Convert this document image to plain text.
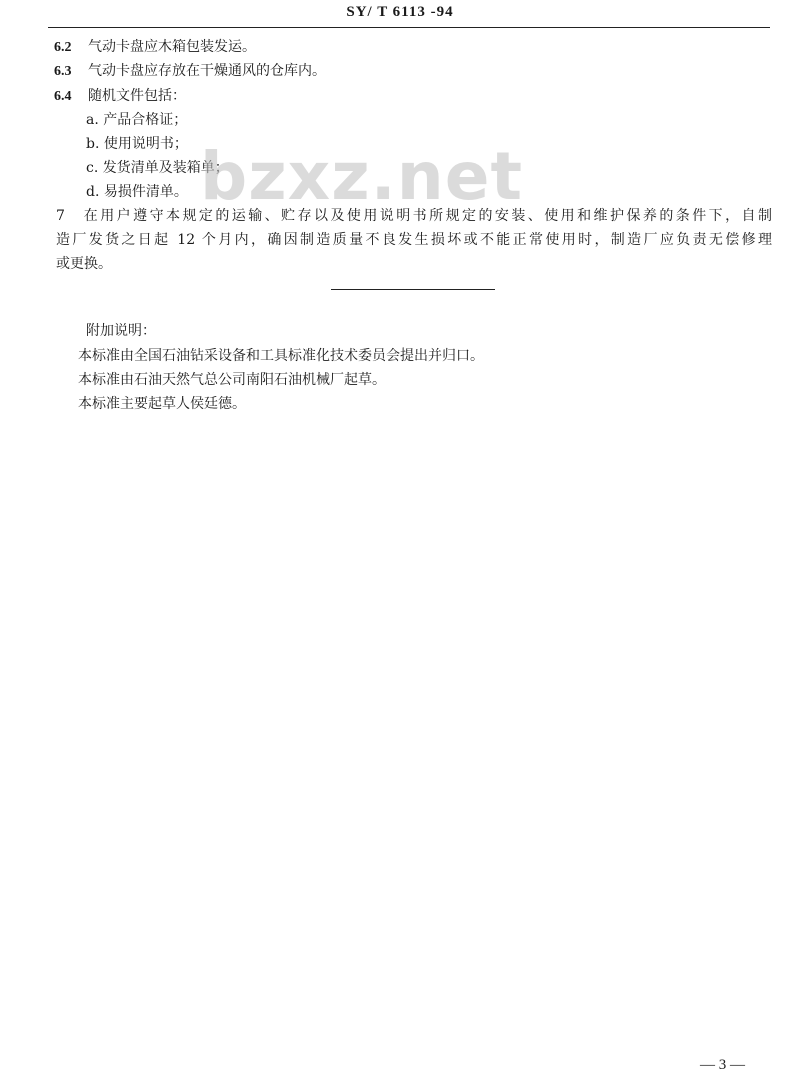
SY/ T 6113 -94
6.2 气动卡盘应木箱包装发运。
6.3 气动卡盘应存放在干燥通风的仓库内。
6.4 随机文件包括：
a. 产品合格证；
b. 使用说明书；
c. 发货清单及装箱单；
d. 易损件清单。 bzxz.net
7　在用户遵守本规定的运输、贮存以及使用说明书所规定的安装、使用和维护保养的条件下，自制
造厂发货之日起 12 个月内，确因制造质量不良发生损坏或不能正常使用时，制造厂应负责无偿修理
或更换。
附加说明：
本标准由全国石油钻采设备和工具标准化技术委员会提出并归口。
本标准由石油天然气总公司南阳石油机械厂起草。
本标准主要起草人侯廷德。
— 3 —
